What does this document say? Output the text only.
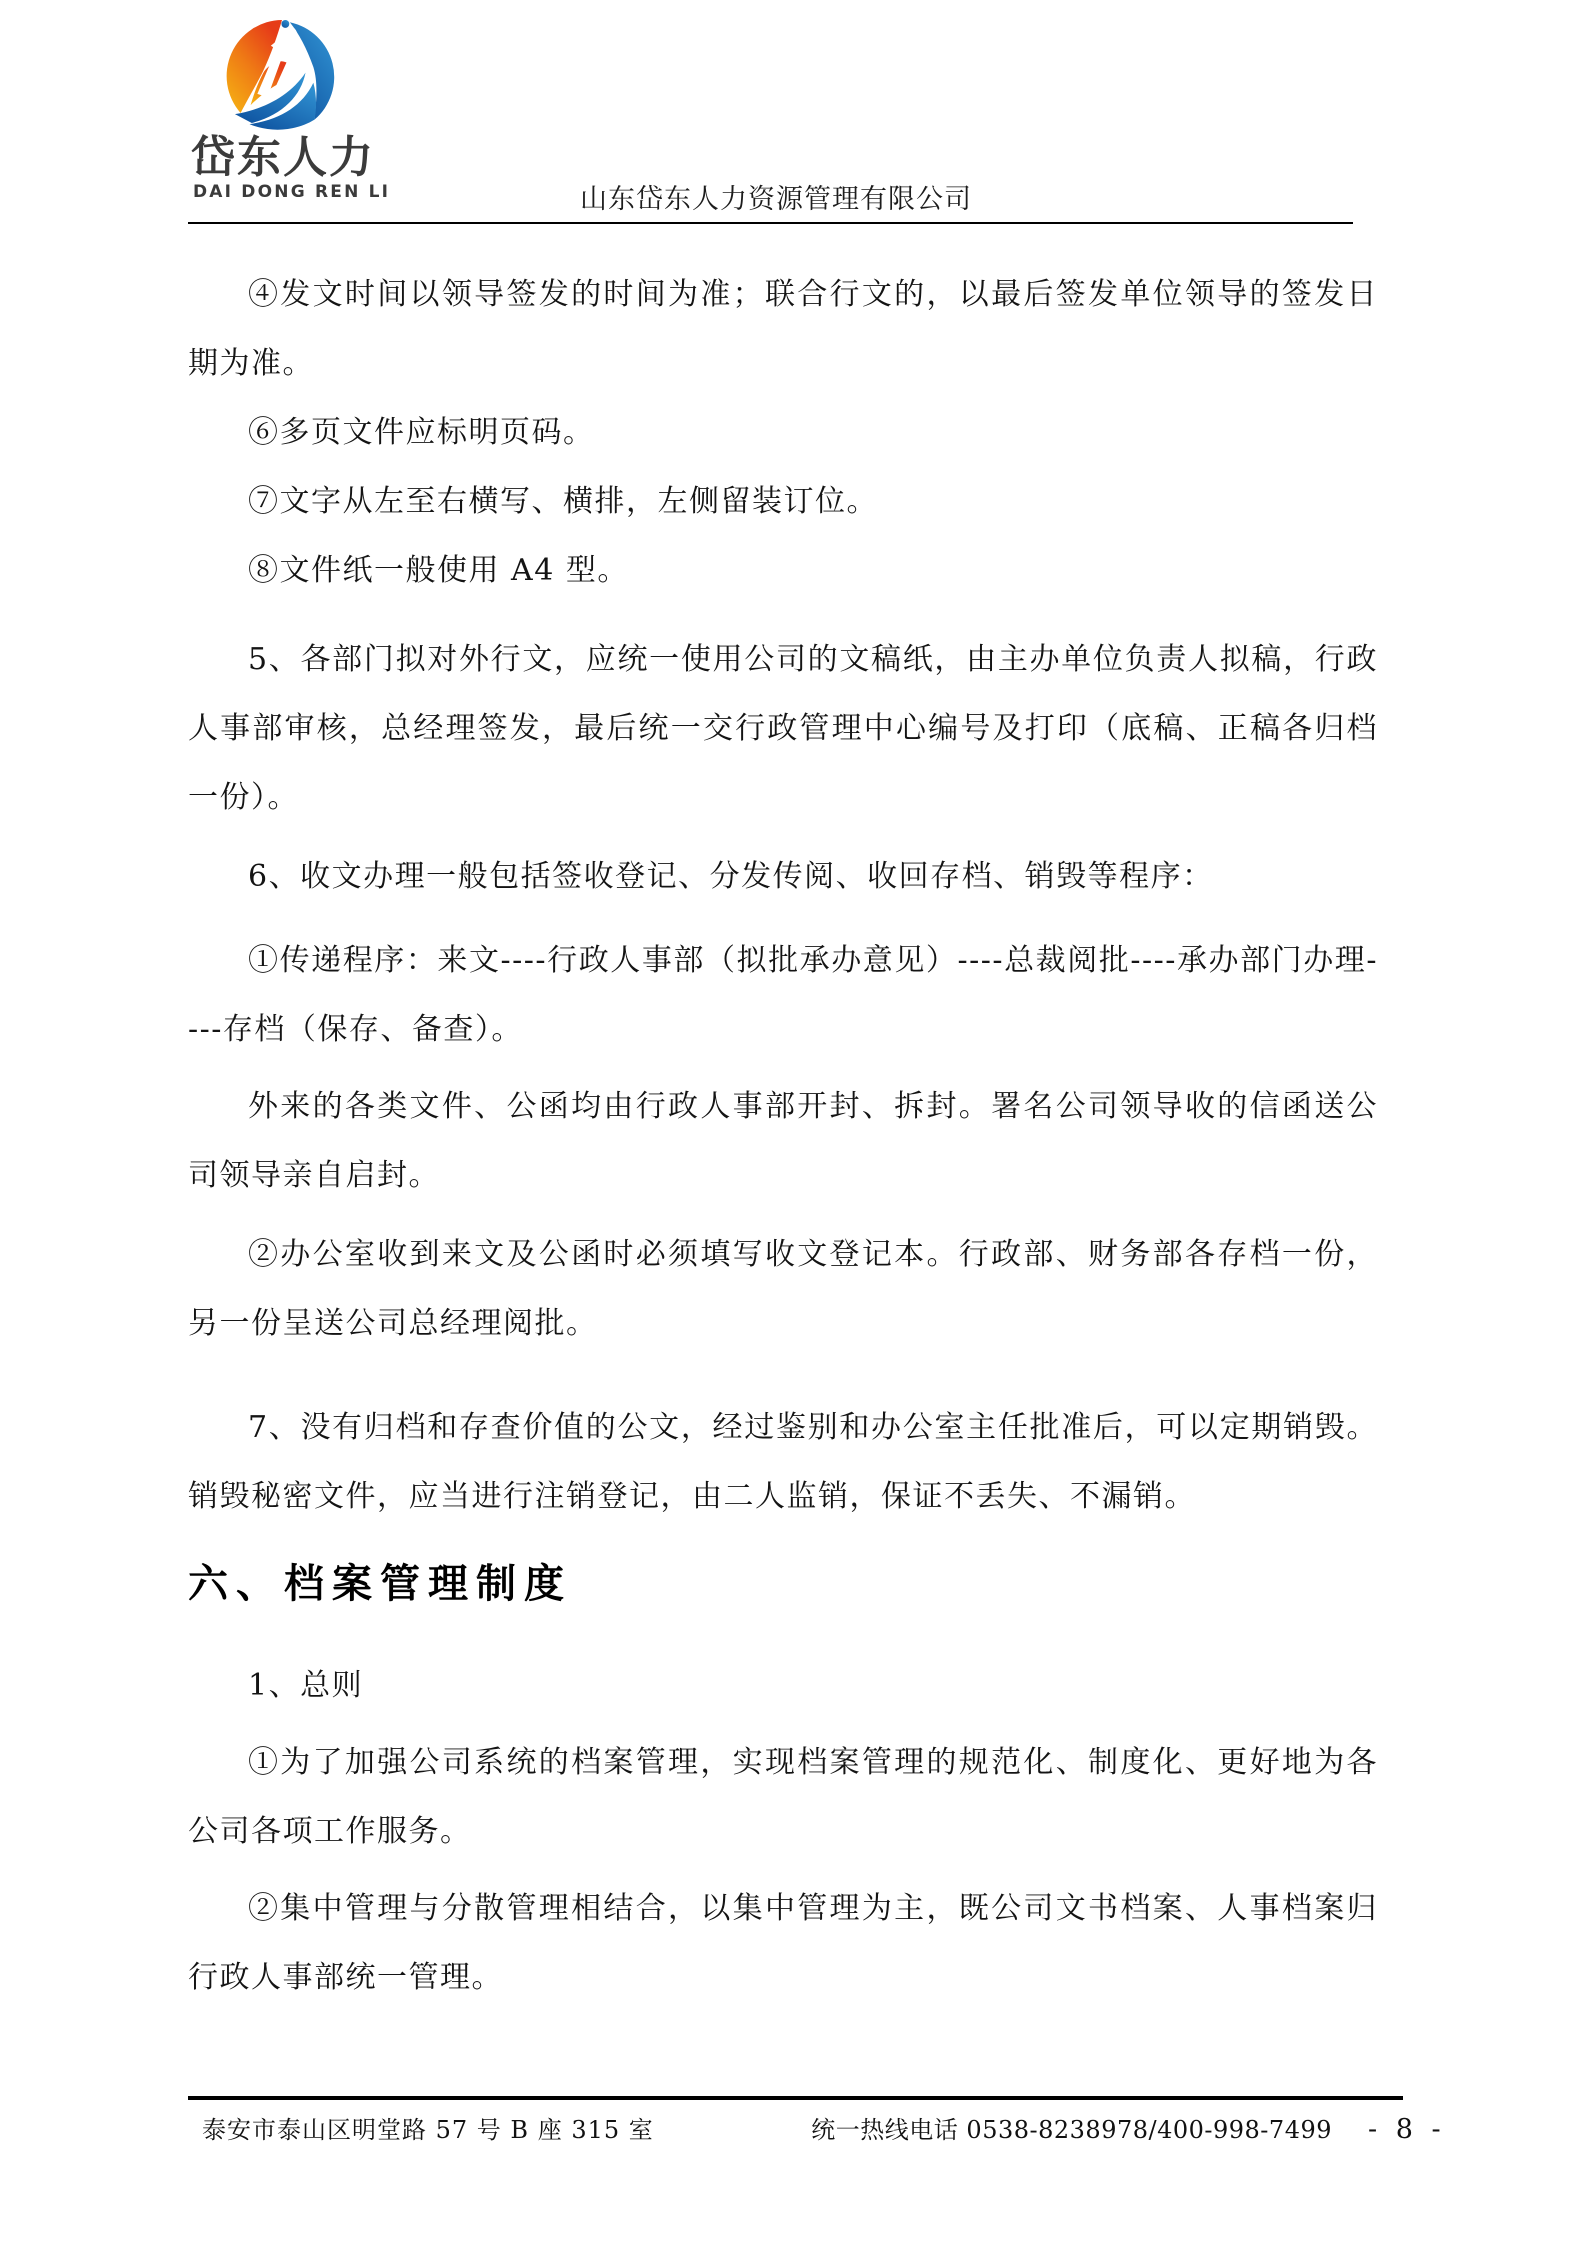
岱东人力
DAI DONG REN LI	山东岱东人力资源管理有限公司

④发文时间以领导签发的时间为准；联合行文的，以最后签发单位领导的签发日期为准。

⑥多页文件应标明页码。

⑦文字从左至右横写、横排，左侧留装订位。

⑧文件纸一般使用 A4 型。

5、各部门拟对外行文，应统一使用公司的文稿纸，由主办单位负责人拟稿，行政人事部审核，总经理签发，最后统一交行政管理中心编号及打印（底稿、正稿各归档一份）。

6、收文办理一般包括签收登记、分发传阅、收回存档、销毁等程序：

①传递程序：来文----行政人事部（拟批承办意见）----总裁阅批----承办部门办理----存档（保存、备查）。

外来的各类文件、公函均由行政人事部开封、拆封。署名公司领导收的信函送公司领导亲自启封。

②办公室收到来文及公函时必须填写收文登记本。行政部、财务部各存档一份，另一份呈送公司总经理阅批。

7、没有归档和存查价值的公文，经过鉴别和办公室主任批准后，可以定期销毁。销毁秘密文件，应当进行注销登记，由二人监销，保证不丢失、不漏销。

六、档案管理制度

1、总则

①为了加强公司系统的档案管理，实现档案管理的规范化、制度化、更好地为各公司各项工作服务。

②集中管理与分散管理相结合，以集中管理为主，既公司文书档案、人事档案归行政人事部统一管理。

泰安市泰山区明堂路 57 号 B 座 315 室	统一热线电话 0538-8238978/400-998-7499 - 8 -
